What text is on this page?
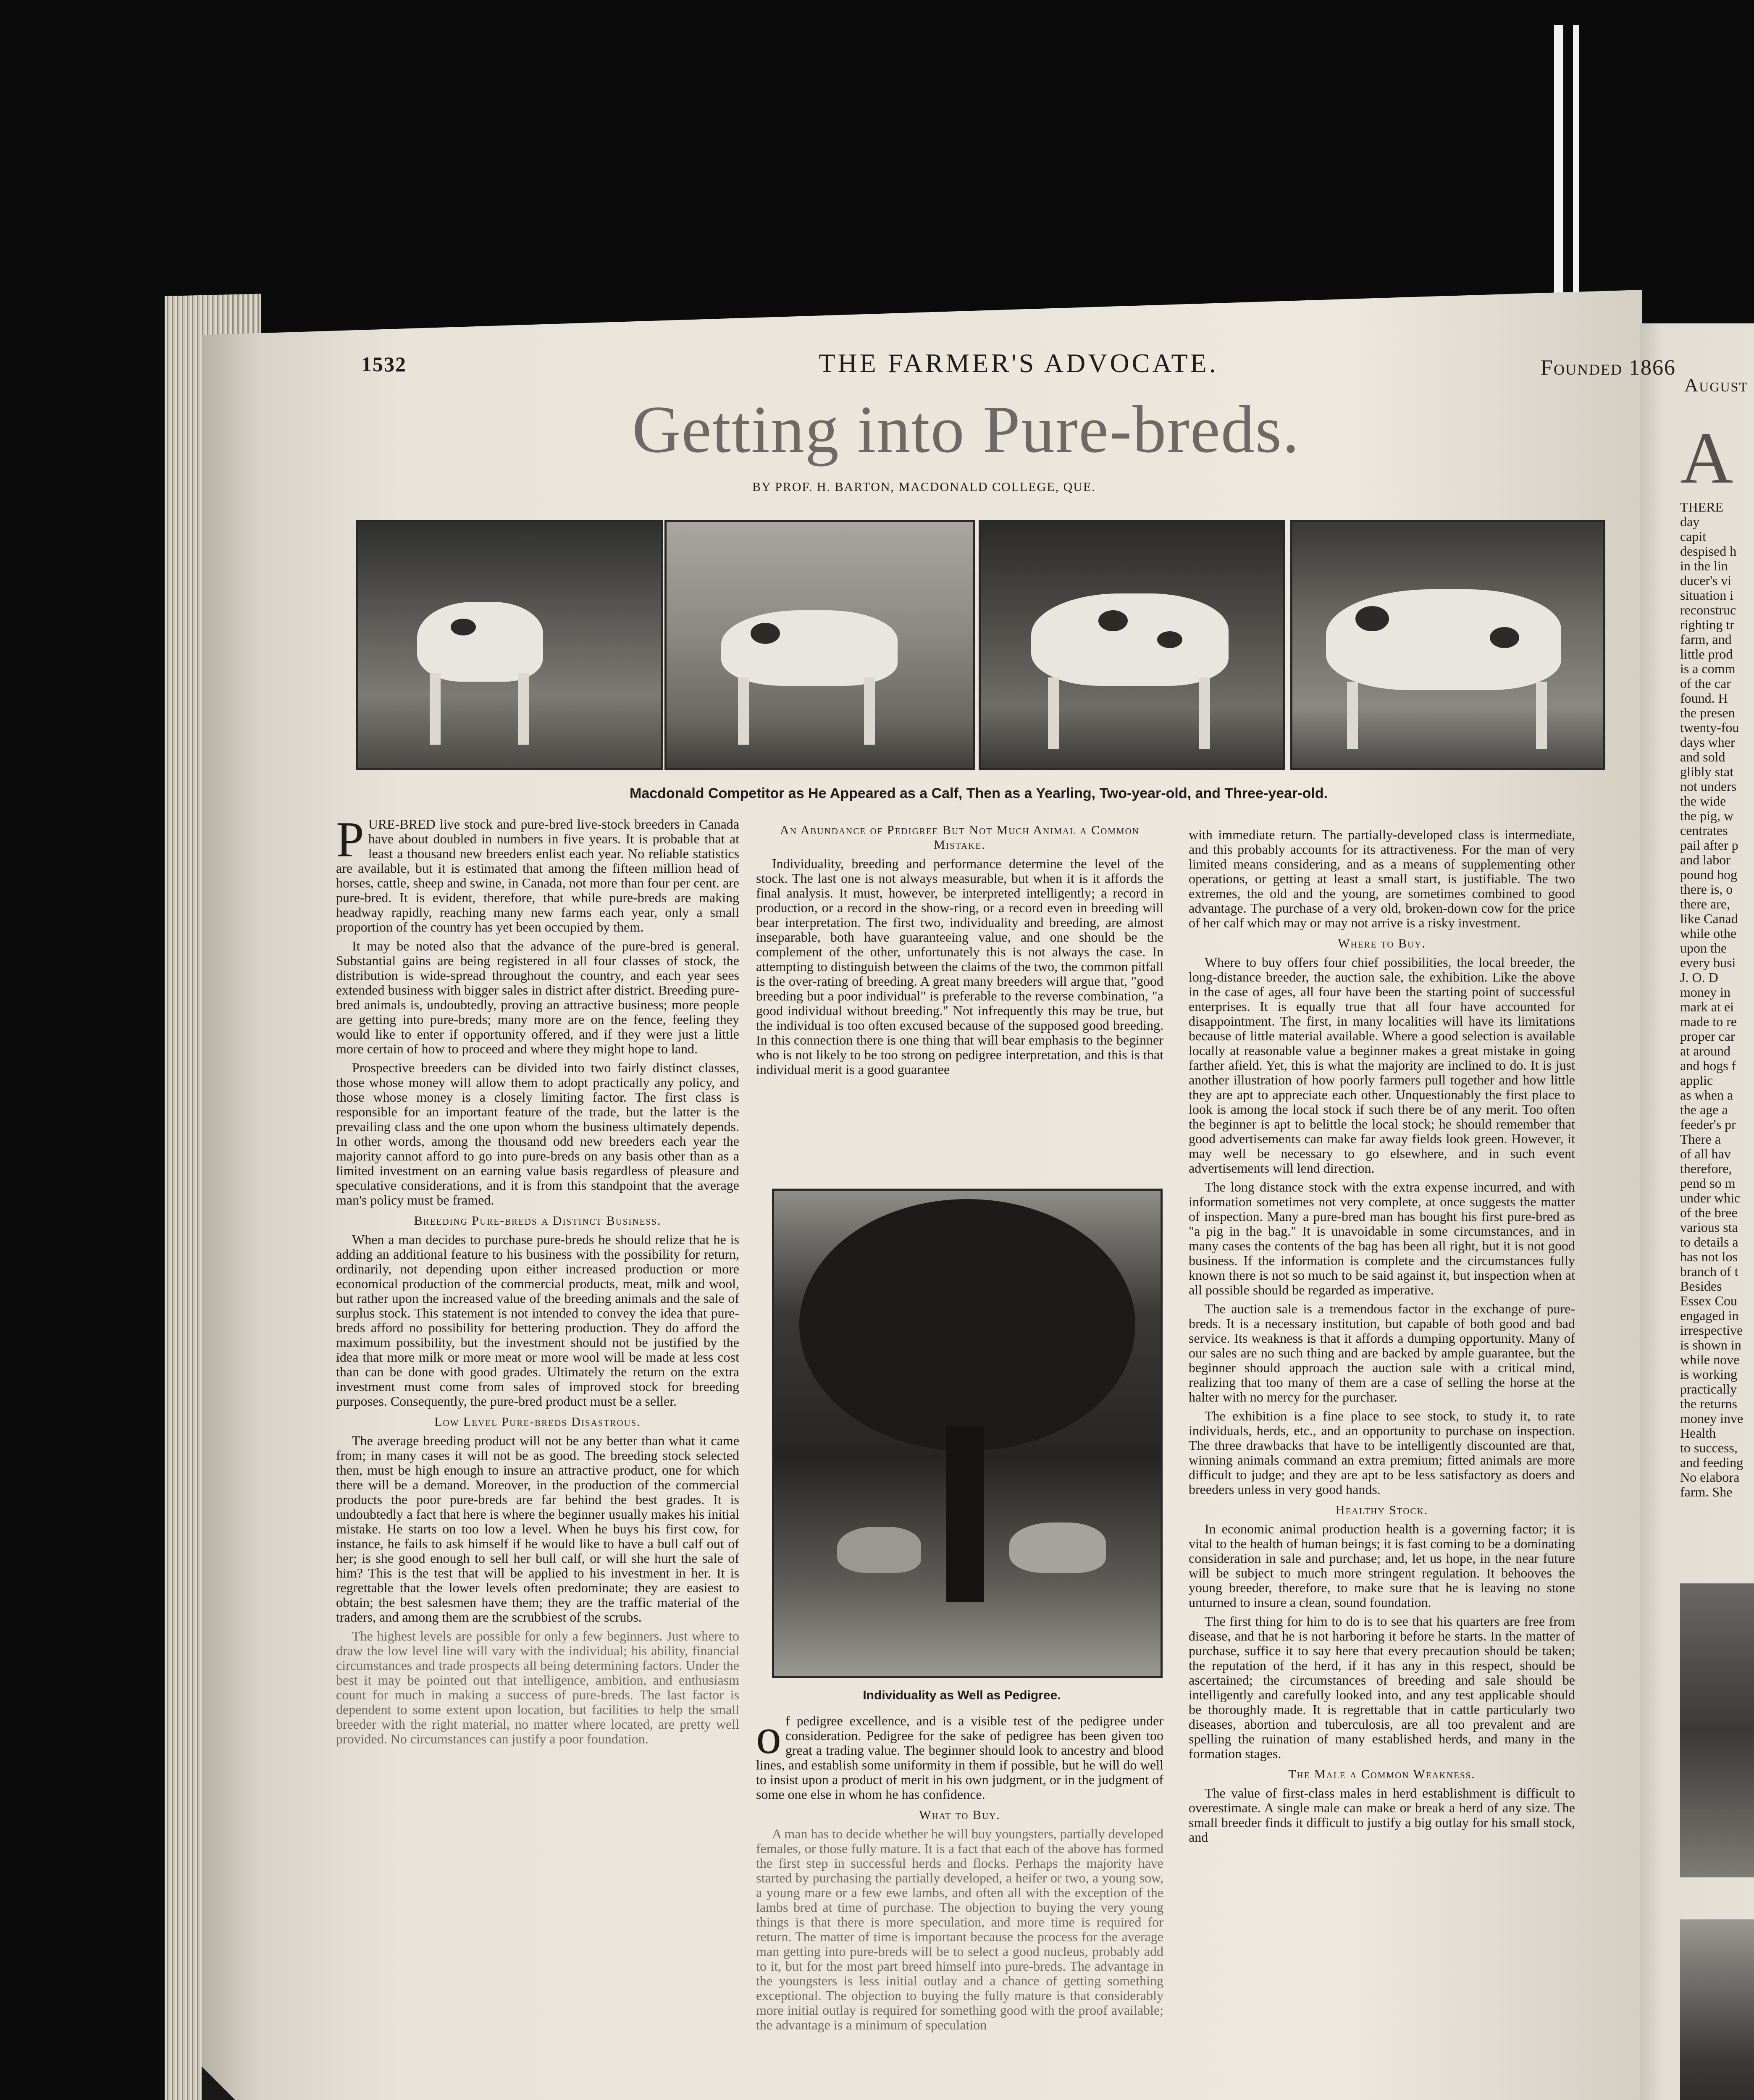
August
A
THERE
day
capit
despised h
in the lin
ducer's vi
situation i
reconstruc
righting tr
farm, and
little prod
is a comm
of the car
found. H
the presen
twenty-fou
days wher
and sold
glibly stat
not unders
the wide
the pig, w
centrates
pail after p
and labor
pound hog
there is, o
there are,
like Canad
while othe
upon the
every busi
J. O. D
money in
mark at ei
made to re
proper car
at around
and hogs f
applic
as when a
the age a
feeder's pr
There a
of all hav
therefore,
pend so m
under whic
of the bree
various sta
to details a
has not los
branch of t
Besides
Essex Cou
engaged in
irrespective
is shown in
while nove
is working
practically
the returns
money inve
Health
to success,
and feeding
No elabora
farm. She
1532	THE FARMER'S ADVOCATE.	Founded 1866
Getting into Pure-breds.
BY PROF. H. BARTON, MACDONALD COLLEGE, QUE.
Macdonald Competitor as He Appeared as a Calf, Then as a Yearling, Two-year-old, and Three-year-old.

PURE-BRED live stock and pure-bred live-stock breeders in Canada have about doubled in numbers in five years. It is probable that at least a thousand new breeders enlist each year. No reliable statistics are available, but it is estimated that among the fifteen million head of horses, cattle, sheep and swine, in Canada, not more than four per cent. are pure-bred. It is evident, therefore, that while pure-breds are making headway rapidly, reaching many new farms each year, only a small proportion of the country has yet been occupied by them.

It may be noted also that the advance of the pure-bred is general. Substantial gains are being registered in all four classes of stock, the distribution is wide-spread throughout the country, and each year sees extended business with bigger sales in district after district. Breeding pure-bred animals is, undoubtedly, proving an attractive business; more people are getting into pure-breds; many more are on the fence, feeling they would like to enter if opportunity offered, and if they were just a little more certain of how to proceed and where they might hope to land.

Prospective breeders can be divided into two fairly distinct classes, those whose money will allow them to adopt practically any policy, and those whose money is a closely limiting factor. The first class is responsible for an important feature of the trade, but the latter is the prevailing class and the one upon whom the business ultimately depends. In other words, among the thousand odd new breeders each year the majority cannot afford to go into pure-breds on any basis other than as a limited investment on an earning value basis regardless of pleasure and speculative considerations, and it is from this standpoint that the average man's policy must be framed.

Breeding Pure-breds a Distinct Business.

When a man decides to purchase pure-breds he should relize that he is adding an additional feature to his business with the possibility for return, ordinarily, not depending upon either increased production or more economical production of the commercial products, meat, milk and wool, but rather upon the increased value of the breeding animals and the sale of surplus stock. This statement is not intended to convey the idea that pure-breds afford no possibility for bettering production. They do afford the maximum possibility, but the investment should not be justified by the idea that more milk or more meat or more wool will be made at less cost than can be done with good grades. Ultimately the return on the extra investment must come from sales of improved stock for breeding purposes. Consequently, the pure-bred product must be a seller.

Low Level Pure-breds Disastrous.

The average breeding product will not be any better than what it came from; in many cases it will not be as good. The breeding stock selected then, must be high enough to insure an attractive product, one for which there will be a demand. Moreover, in the production of the commercial products the poor pure-breds are far behind the best grades. It is undoubtedly a fact that here is where the beginner usually makes his initial mistake. He starts on too low a level. When he buys his first cow, for instance, he fails to ask himself if he would like to have a bull calf out of her; is she good enough to sell her bull calf, or will she hurt the sale of him? This is the test that will be applied to his investment in her. It is regrettable that the lower levels often predominate; they are easiest to obtain; the best salesmen have them; they are the traffic material of the traders, and among them are the scrubbiest of the scrubs.

The highest levels are possible for only a few beginners. Just where to draw the low level line will vary with the individual; his ability, financial circumstances and trade prospects all being determining factors. Under the best it may be pointed out that intelligence, ambition, and enthusiasm count for much in making a success of pure-breds. The last factor is dependent to some extent upon location, but facilities to help the small breeder with the right material, no matter where located, are pretty well provided. No circumstances can justify a poor foundation.

An Abundance of Pedigree But Not Much Animal a Common Mistake.

Individuality, breeding and performance determine the level of the stock. The last one is not always measurable, but when it is it affords the final analysis. It must, however, be interpreted intelligently; a record in production, or a record in the show-ring, or a record even in breeding will bear interpretation. The first two, individuality and breeding, are almost inseparable, both have guaranteeing value, and one should be the complement of the other, unfortunately this is not always the case. In attempting to distinguish between the claims of the two, the common pitfall is the over-rating of breeding. A great many breeders will argue that, "good breeding but a poor individual" is preferable to the reverse combination, "a good individual without breeding." Not infrequently this may be true, but the individual is too often excused because of the supposed good breeding. In this connection there is one thing that will bear emphasis to the beginner who is not likely to be too strong on pedigree interpretation, and this is that individual merit is a good guarantee

Individuality as Well as Pedigree.

of pedigree excellence, and is a visible test of the pedigree under consideration. Pedigree for the sake of pedigree has been given too great a trading value. The beginner should look to ancestry and blood lines, and establish some uniformity in them if possible, but he will do well to insist upon a product of merit in his own judgment, or in the judgment of some one else in whom he has confidence.

What to Buy.

A man has to decide whether he will buy youngsters, partially developed females, or those fully mature. It is a fact that each of the above has formed the first step in successful herds and flocks. Perhaps the majority have started by purchasing the partially developed, a heifer or two, a young sow, a young mare or a few ewe lambs, and often all with the exception of the lambs bred at time of purchase. The objection to buying the very young things is that there is more speculation, and more time is required for return. The matter of time is important because the process for the average man getting into pure-breds will be to select a good nucleus, probably add to it, but for the most part breed himself into pure-breds. The advantage in the youngsters is less initial outlay and a chance of getting something exceptional. The objection to buying the fully mature is that considerably more initial outlay is required for something good with the proof available; the advantage is a minimum of speculation

with immediate return. The partially-developed class is intermediate, and this probably accounts for its attractiveness. For the man of very limited means considering, and as a means of supplementing other operations, or getting at least a small start, is justifiable. The two extremes, the old and the young, are sometimes combined to good advantage. The purchase of a very old, broken-down cow for the price of her calf which may or may not arrive is a risky investment.

Where to Buy.

Where to buy offers four chief possibilities, the local breeder, the long-distance breeder, the auction sale, the exhibition. Like the above in the case of ages, all four have been the starting point of successful enterprises. It is equally true that all four have accounted for disappointment. The first, in many localities will have its limitations because of little material available. Where a good selection is available locally at reasonable value a beginner makes a great mistake in going farther afield. Yet, this is what the majority are inclined to do. It is just another illustration of how poorly farmers pull together and how little they are apt to appreciate each other. Unquestionably the first place to look is among the local stock if such there be of any merit. Too often the beginner is apt to belittle the local stock; he should remember that good advertisements can make far away fields look green. However, it may well be necessary to go elsewhere, and in such event advertisements will lend direction.

The long distance stock with the extra expense incurred, and with information sometimes not very complete, at once suggests the matter of inspection. Many a pure-bred man has bought his first pure-bred as "a pig in the bag." It is unavoidable in some circumstances, and in many cases the contents of the bag has been all right, but it is not good business. If the information is complete and the circumstances fully known there is not so much to be said against it, but inspection when at all possible should be regarded as imperative.

The auction sale is a tremendous factor in the exchange of pure-breds. It is a necessary institution, but capable of both good and bad service. Its weakness is that it affords a dumping opportunity. Many of our sales are no such thing and are backed by ample guarantee, but the beginner should approach the auction sale with a critical mind, realizing that too many of them are a case of selling the horse at the halter with no mercy for the purchaser.

The exhibition is a fine place to see stock, to study it, to rate individuals, herds, etc., and an opportunity to purchase on inspection. The three drawbacks that have to be intelligently discounted are that, winning animals command an extra premium; fitted animals are more difficult to judge; and they are apt to be less satisfactory as doers and breeders unless in very good hands.

Healthy Stock.

In economic animal production health is a governing factor; it is vital to the health of human beings; it is fast coming to be a dominating consideration in sale and purchase; and, let us hope, in the near future will be subject to much more stringent regulation. It behooves the young breeder, therefore, to make sure that he is leaving no stone unturned to insure a clean, sound foundation.

The first thing for him to do is to see that his quarters are free from disease, and that he is not harboring it before he starts. In the matter of purchase, suffice it to say here that every precaution should be taken; the reputation of the herd, if it has any in this respect, should be ascertained; the circumstances of breeding and sale should be intelligently and carefully looked into, and any test applicable should be thoroughly made. It is regrettable that in cattle particularly two diseases, abortion and tuberculosis, are all too prevalent and are spelling the ruination of many established herds, and many in the formation stages.

The Male a Common Weakness.

The value of first-class males in herd establishment is difficult to overestimate. A single male can make or break a herd of any size. The small breeder finds it difficult to justify a big outlay for his small stock, and
